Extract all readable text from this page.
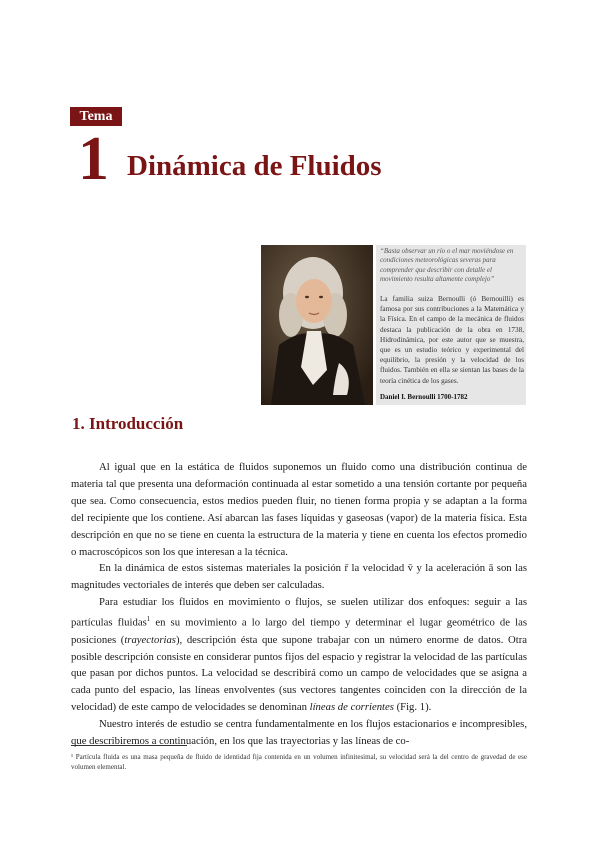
Tema
1 Dinámica de Fluidos
“Basta observar un río o el mar moviéndose en condiciones meteorológicas severas para comprender que describir con detalle el movimiento resulta altamente complejo”
La familia suiza Bernoulli (ó Bernouilli) es famosa por sus contribuciones a la Matemática y la Física. En el campo de la mecánica de fluidos destaca la publicación de la obra en 1738, Hidrodinámica, por este autor que se muestra, que es un estudio teórico y experimental del equilibrio, la presión y la velocidad de los fluidos. También en ella se sientan las bases de la teoría cinética de los gases.
Daniel I. Bernoulli 1700-1782
1. Introducción

Al igual que en la estática de fluidos suponemos un fluido como una distribución continua de materia tal que presenta una deformación continuada al estar sometido a una tensión cortante por pequeña que sea. Como consecuencia, estos medios pueden fluir, no tienen forma propia y se adaptan a la forma del recipiente que los contiene. Así abarcan las fases líquidas y gaseosas (vapor) de la materia física. Esta descripción en que no se tiene en cuenta la estructura de la materia y tiene en cuenta los efectos promedio o macroscópicos son los que interesan a la técnica.

En la dinámica de estos sistemas materiales la posición r̄ la velocidad v̄ y la aceleración ā son las magnitudes vectoriales de interés que deben ser calculadas.

Para estudiar los fluidos en movimiento o flujos, se suelen utilizar dos enfoques: seguir a las partículas fluidas$^1$ en su movimiento a lo largo del tiempo y determinar el lugar geométrico de las posiciones (trayectorias), descripción ésta que supone trabajar con un número enorme de datos. Otra posible descripción consiste en considerar puntos fijos del espacio y registrar la velocidad de las partículas que pasan por dichos puntos. La velocidad se describirá como un campo de velocidades que se asigna a cada punto del espacio, las líneas envolventes (sus vectores tangentes coinciden con la dirección de la velocidad) de este campo de velocidades se denominan líneas de corrientes (Fig. 1).

Nuestro interés de estudio se centra fundamentalmente en los flujos estacionarios e incompresibles, que describiremos a continuación, en los que las trayectorias y las líneas de co-

¹ Partícula fluida es una masa pequeña de fluido de identidad fija contenida en un volumen infinitesimal, su velocidad será la del centro de gravedad de ese volumen elemental.
